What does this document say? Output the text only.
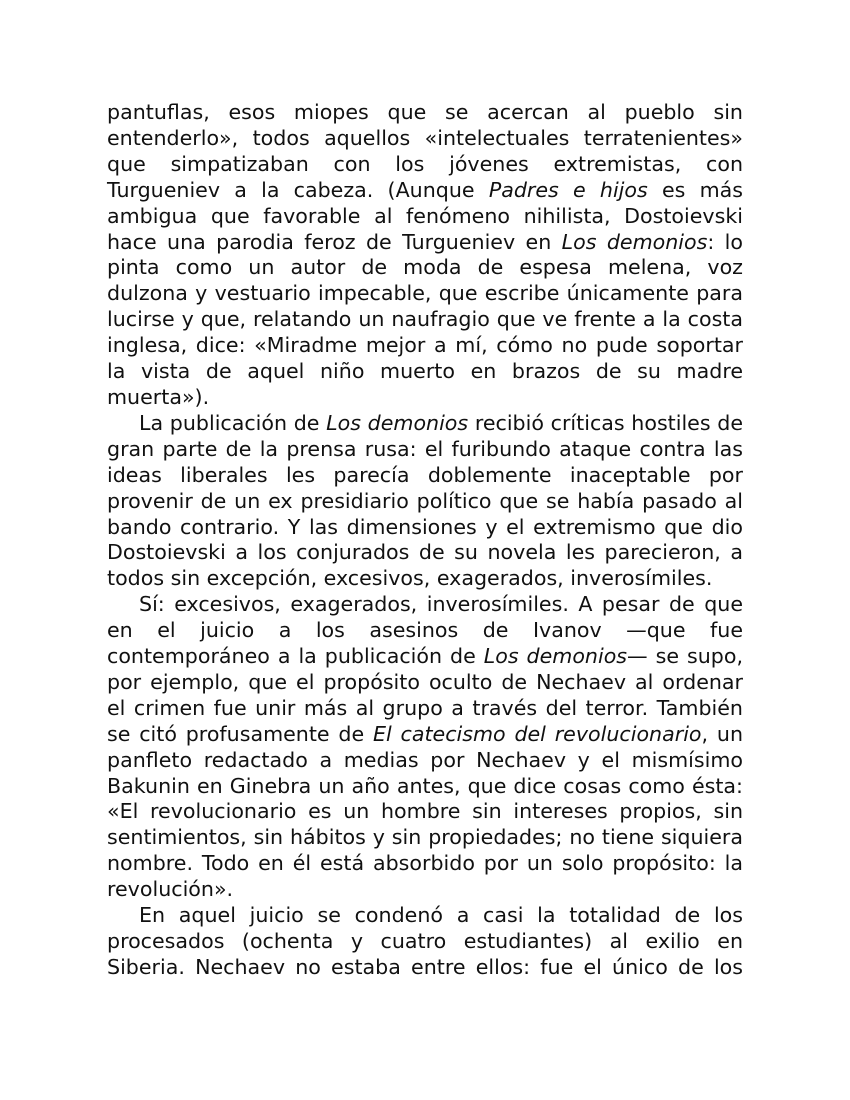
pantuflas, esos miopes que se acercan al pueblo sin entenderlo», todos aquellos «intelectuales terratenientes» que simpatizaban con los jóvenes extremistas, con Turgueniev a la cabeza. (Aunque Padres e hijos es más ambigua que favorable al fenómeno nihilista, Dostoievski hace una parodia feroz de Turgueniev en Los demonios: lo pinta como un autor de moda de espesa melena, voz dulzona y vestuario impecable, que escribe únicamente para lucirse y que, relatando un naufragio que ve frente a la costa inglesa, dice: «Miradme mejor a mí, cómo no pude soportar la vista de aquel niño muerto en brazos de su madre muerta»).

La publicación de Los demonios recibió críticas hostiles de gran parte de la prensa rusa: el furibundo ataque contra las ideas liberales les parecía doblemente inaceptable por provenir de un ex presidiario político que se había pasado al bando contrario. Y las dimensiones y el extremismo que dio Dostoievski a los conjurados de su novela les parecieron, a todos sin excepción, excesivos, exagerados, inverosímiles.

Sí: excesivos, exagerados, inverosímiles. A pesar de que en el juicio a los asesinos de Ivanov —que fue contemporáneo a la publicación de Los demonios— se supo, por ejemplo, que el propósito oculto de Nechaev al ordenar el crimen fue unir más al grupo a través del terror. También se citó profusamente de El catecismo del revolucionario, un panfleto redactado a medias por Nechaev y el mismísimo Bakunin en Ginebra un año antes, que dice cosas como ésta: «El revolucionario es un hombre sin intereses propios, sin sentimientos, sin hábitos y sin propiedades; no tiene siquiera nombre. Todo en él está absorbido por un solo propósito: la revolución».

En aquel juicio se condenó a casi la totalidad de los procesados (ochenta y cuatro estudiantes) al exilio en Siberia. Nechaev no estaba entre ellos: fue el único de los
